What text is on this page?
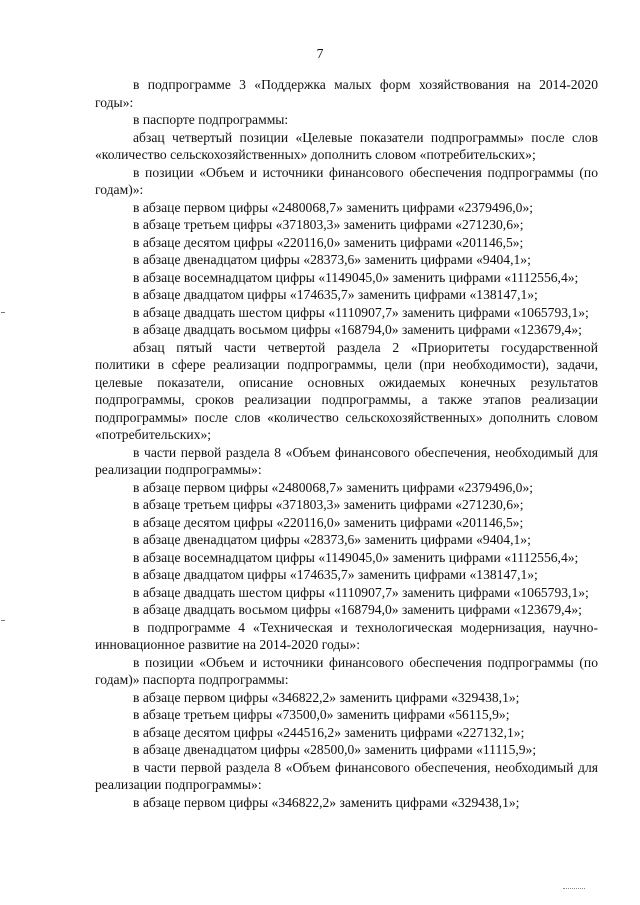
7

в подпрограмме 3 «Поддержка малых форм хозяйствования на 2014-2020 годы»:

в паспорте подпрограммы:

абзац четвертый позиции «Целевые показатели подпрограммы» после слов «количество сельскохозяйственных» дополнить словом «потребительских»;

в позиции «Объем и источники финансового обеспечения подпрограммы (по годам)»:

в абзаце первом цифры «2480068,7» заменить цифрами «2379496,0»;

в абзаце третьем цифры «371803,3» заменить цифрами «271230,6»;

в абзаце десятом цифры «220116,0» заменить цифрами «201146,5»;

в абзаце двенадцатом цифры «28373,6» заменить цифрами «9404,1»;

в абзаце восемнадцатом цифры «1149045,0» заменить цифрами «1112556,4»;

в абзаце двадцатом цифры «174635,7» заменить цифрами «138147,1»;

в абзаце двадцать шестом цифры «1110907,7» заменить цифрами «1065793,1»;

в абзаце двадцать восьмом цифры «168794,0» заменить цифрами «123679,4»;

абзац пятый части четвертой раздела 2 «Приоритеты государственной политики в сфере реализации подпрограммы, цели (при необходимости), задачи, целевые показатели, описание основных ожидаемых конечных результатов подпрограммы, сроков реализации подпрограммы, а также этапов реализации подпрограммы» после слов «количество сельскохозяйственных» дополнить словом «потребительских»;

в части первой раздела 8 «Объем финансового обеспечения, необходимый для реализации подпрограммы»:

в абзаце первом цифры «2480068,7» заменить цифрами «2379496,0»;

в абзаце третьем цифры «371803,3» заменить цифрами «271230,6»;

в абзаце десятом цифры «220116,0» заменить цифрами «201146,5»;

в абзаце двенадцатом цифры «28373,6» заменить цифрами «9404,1»;

в абзаце восемнадцатом цифры «1149045,0» заменить цифрами «1112556,4»;

в абзаце двадцатом цифры «174635,7» заменить цифрами «138147,1»;

в абзаце двадцать шестом цифры «1110907,7» заменить цифрами «1065793,1»;

в абзаце двадцать восьмом цифры «168794,0» заменить цифрами «123679,4»;

в подпрограмме 4 «Техническая и технологическая модернизация, научно-инновационное развитие на 2014-2020 годы»:

в позиции «Объем и источники финансового обеспечения подпрограммы (по годам)» паспорта подпрограммы:

в абзаце первом цифры «346822,2» заменить цифрами «329438,1»;

в абзаце третьем цифры «73500,0» заменить цифрами «56115,9»;

в абзаце десятом цифры «244516,2» заменить цифрами «227132,1»;

в абзаце двенадцатом цифры «28500,0» заменить цифрами «11115,9»;

в части первой раздела 8 «Объем финансового обеспечения, необходимый для реализации подпрограммы»:

в абзаце первом цифры «346822,2» заменить цифрами «329438,1»;
